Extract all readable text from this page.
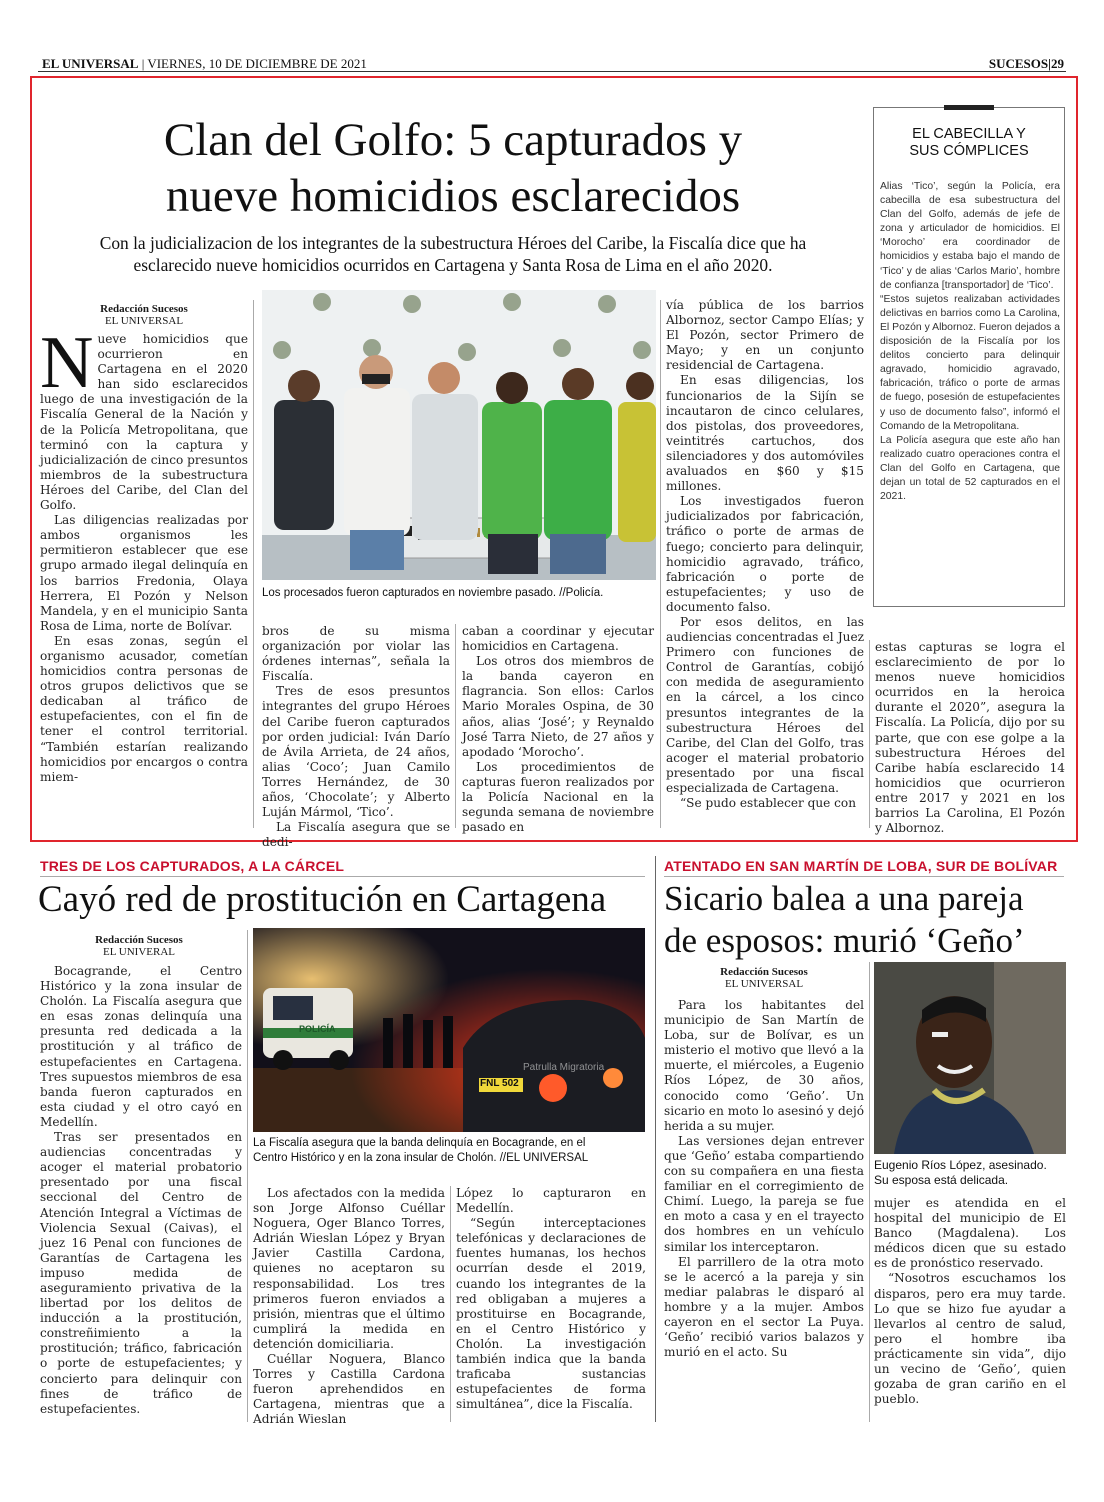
EL UNIVERSAL | VIERNES, 10 DE DICIEMBRE DE 2021	SUCESOS|29
Clan del Golfo: 5 capturados y
nueve homicidios esclarecidos
Con la judicializacion de los integrantes de la subestructura Héroes del Caribe, la Fiscalía dice que ha
esclarecido nueve homicidios ocurridos en Cartagena y Santa Rosa de Lima en el año 2020.
Redacción Sucesos
EL UNIVERSAL

Nueve homicidios que ocurrieron en Cartagena en el 2020 han sido esclarecidos luego de una investigación de la Fiscalía General de la Nación y de la Policía Metropolitana, que terminó con la captura y judicialización de cinco presuntos miembros de la subestructura Héroes del Caribe, del Clan del Golfo.

Las diligencias realizadas por ambos organismos les permitieron establecer que ese grupo armado ilegal delinquía en los barrios Fredonia, Olaya Herrera, El Pozón y Nelson Mandela, y en el municipio Santa Rosa de Lima, norte de Bolívar.

En esas zonas, según el organismo acusador, cometían homicidios contra personas de otros grupos delictivos que se dedicaban al tráfico de estupefacientes, con el fin de tener el control territorial. “También estarían realizando homicidios por encargos o contra miem-

Los procesados fueron capturados en noviembre pasado. //Policía.

bros de su misma organización por violar las órdenes internas”, señala la Fiscalía.

Tres de esos presuntos integrantes del grupo Héroes del Caribe fueron capturados por orden judicial: Iván Darío de Ávila Arrieta, de 24 años, alias ‘Coco’; Juan Camilo Torres Hernández, de 30 años, ‘Chocolate’; y Alberto Luján Mármol, ‘Tico’.

La Fiscalía asegura que se dedi-

caban a coordinar y ejecutar homicidios en Cartagena.

Los otros dos miembros de la banda cayeron en flagrancia. Son ellos: Carlos Mario Morales Ospina, de 30 años, alias ‘José’; y Reynaldo José Tarra Nieto, de 27 años y apodado ‘Morocho’.

Los procedimientos de capturas fueron realizados por la Policía Nacional en la segunda semana de noviembre pasado en

vía pública de los barrios Albornoz, sector Campo Elías; y El Pozón, sector Primero de Mayo; y en un conjunto residencial de Cartagena.

En esas diligencias, los funcionarios de la Sijín se incautaron de cinco celulares, dos pistolas, dos proveedores, veintitrés cartuchos, dos silenciadores y dos automóviles avaluados en $60 y $15 millones.

Los investigados fueron judicializados por fabricación, tráfico o porte de armas de fuego; concierto para delinquir, homicidio agravado, tráfico, fabricación o porte de estupefacientes; y uso de documento falso.

Por esos delitos, en las audiencias concentradas el Juez Primero con funciones de Control de Garantías, cobijó con medida de aseguramiento en la cárcel, a los cinco presuntos integrantes de la subestructura Héroes del Caribe, del Clan del Golfo, tras acoger el material probatorio presentado por una fiscal especializada de Cartagena.

“Se pudo establecer que con

estas capturas se logra el esclarecimiento de por lo menos nueve homicidios ocurridos en la heroica durante el 2020”, asegura la Fiscalía. La Policía, dijo por su parte, que con ese golpe a la subestructura Héroes del Caribe había esclarecido 14 homicidios que ocurrieron entre 2017 y 2021 en los barrios La Carolina, El Pozón y Albornoz.

EL CABECILLA Y
SUS CÓMPLICES

Alias ‘Tico’, según la Policía, era cabecilla de esa subestructura del Clan del Golfo, además de jefe de zona y articulador de homicidios. El ‘Morocho’ era coordinador de homicidios y estaba bajo el mando de ‘Tico’ y de alias ‘Carlos Mario’, hombre de confianza [transportador] de ‘Tico’.

“Estos sujetos realizaban actividades delictivas en barrios como La Carolina, El Pozón y Albornoz. Fueron dejados a disposición de la Fiscalía por los delitos concierto para delinquir agravado, homicidio agravado, fabricación, tráfico o porte de armas de fuego, posesión de estupefacientes y uso de documento falso”, informó el Comando de la Metropolitana.

La Policía asegura que este año han realizado cuatro operaciones contra el Clan del Golfo en Cartagena, que dejan un total de 52 capturados en el 2021.

TRES DE LOS CAPTURADOS, A LA CÁRCEL
Cayó red de prostitución en Cartagena
Redacción Sucesos
EL UNIVERAL

Bocagrande, el Centro Histórico y la zona insular de Cholón. La Fiscalía asegura que en esas zonas delinquía una presunta red dedicada a la prostitución y al tráfico de estupefacientes en Cartagena. Tres supuestos miembros de esa banda fueron capturados en esta ciudad y el otro cayó en Medellín.

Tras ser presentados en audiencias concentradas y acoger el material probatorio presentado por una fiscal seccional del Centro de Atención Integral a Víctimas de Violencia Sexual (Caivas), el juez 16 Penal con funciones de Garantías de Cartagena les impuso medida de aseguramiento privativa de la libertad por los delitos de inducción a la prostitución, constreñimiento a la prostitución; tráfico, fabricación o porte de estupefacientes; y concierto para delinquir con fines de tráfico de estupefacientes.

POLICÍA
FNL 502
Patrulla Migratoria
La Fiscalía asegura que la banda delinquía en Bocagrande, en el
Centro Histórico y en la zona insular de Cholón. //EL UNIVERSAL

Los afectados con la medida son Jorge Alfonso Cuéllar Noguera, Oger Blanco Torres, Adrián Wieslan López y Bryan Javier Castilla Cardona, quienes no aceptaron su responsabilidad. Los tres primeros fueron enviados a prisión, mientras que el último cumplirá la medida en detención domiciliaria.

Cuéllar Noguera, Blanco Torres y Castilla Cardona fueron aprehendidos en Cartagena, mientras que a Adrián Wieslan

López lo capturaron en Medellín.

“Según interceptaciones telefónicas y declaraciones de fuentes humanas, los hechos ocurrían desde el 2019, cuando los integrantes de la red obligaban a mujeres a prostituirse en Bocagrande, en el Centro Histórico y Cholón. La investigación también indica que la banda traficaba sustancias estupefacientes de forma simultánea”, dice la Fiscalía.

ATENTADO EN SAN MARTÍN DE LOBA, SUR DE BOLÍVAR
Sicario balea a una pareja
de esposos: murió ‘Geño’
Redacción Sucesos
EL UNIVERSAL

Para los habitantes del municipio de San Martín de Loba, sur de Bolívar, es un misterio el motivo que llevó a la muerte, el miércoles, a Eugenio Ríos López, de 30 años, conocido como ‘Geño’. Un sicario en moto lo asesinó y dejó herida a su mujer.

Las versiones dejan entrever que ‘Geño’ estaba compartiendo con su compañera en una fiesta familiar en el corregimiento de Chimí. Luego, la pareja se fue en moto a casa y en el trayecto dos hombres en un vehículo similar los interceptaron.

El parrillero de la otra moto se le acercó a la pareja y sin mediar palabras le disparó al hombre y a la mujer. Ambos cayeron en el sector La Puya. ‘Geño’ recibió varios balazos y murió en el acto. Su

Eugenio Ríos López, asesinado.
Su esposa está delicada.

mujer es atendida en el hospital del municipio de El Banco (Magdalena). Los médicos dicen que su estado es de pronóstico reservado.

“Nosotros escuchamos los disparos, pero era muy tarde. Lo que se hizo fue ayudar a llevarlos al centro de salud, pero el hombre iba prácticamente sin vida”, dijo un vecino de ‘Geño’, quien gozaba de gran cariño en el pueblo.
